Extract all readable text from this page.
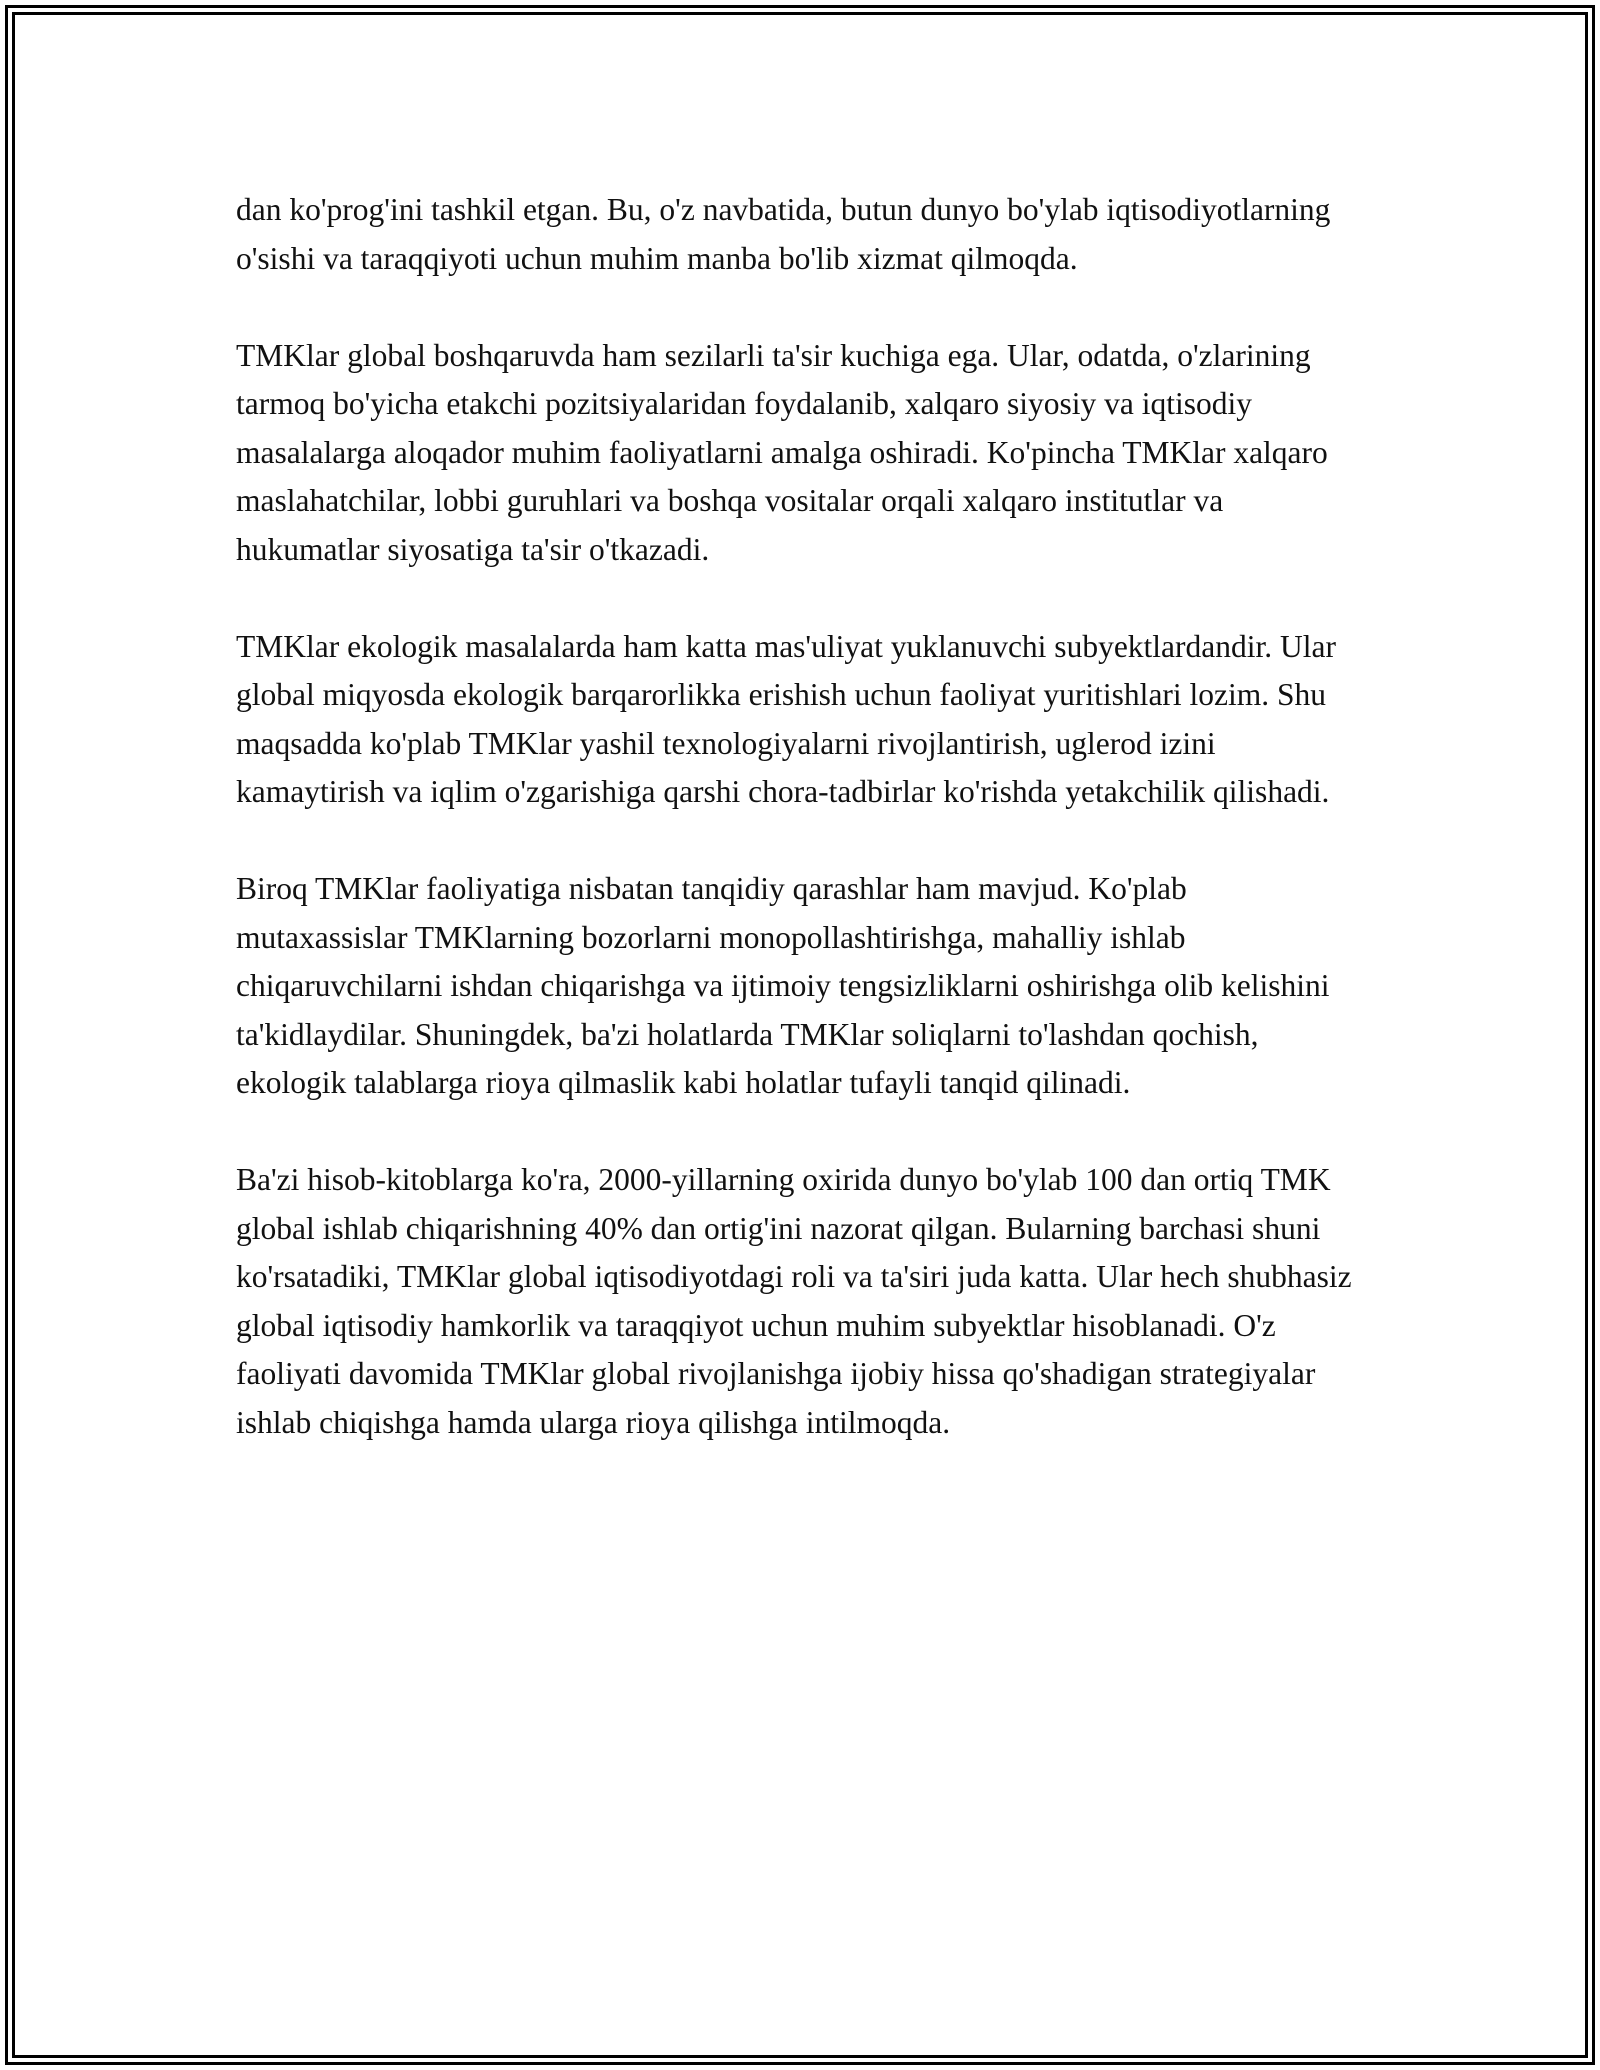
dan ko'prog'ini tashkil etgan. Bu, o'z navbatida, butun dunyo bo'ylab iqtisodiyotlarning o'sishi va taraqqiyoti uchun muhim manba bo'lib xizmat qilmoqda.

TMKlar global boshqaruvda ham sezilarli ta'sir kuchiga ega. Ular, odatda, o'zlarining tarmoq bo'yicha etakchi pozitsiyalaridan foydalanib, xalqaro siyosiy va iqtisodiy masalalarga aloqador muhim faoliyatlarni amalga oshiradi. Ko'pincha TMKlar xalqaro maslahatchilar, lobbi guruhlari va boshqa vositalar orqali xalqaro institutlar va hukumatlar siyosatiga ta'sir o'tkazadi.

TMKlar ekologik masalalarda ham katta mas'uliyat yuklanuvchi subyektlardandir. Ular global miqyosda ekologik barqarorlikka erishish uchun faoliyat yuritishlari lozim. Shu maqsadda ko'plab TMKlar yashil texnologiyalarni rivojlantirish, uglerod izini kamaytirish va iqlim o'zgarishiga qarshi chora-tadbirlar ko'rishda yetakchilik qilishadi.

Biroq TMKlar faoliyatiga nisbatan tanqidiy qarashlar ham mavjud. Ko'plab mutaxassislar TMKlarning bozorlarni monopollashtirishga, mahalliy ishlab chiqaruvchilarni ishdan chiqarishga va ijtimoiy tengsizliklarni oshirishga olib kelishini ta'kidlaydilar. Shuningdek, ba'zi holatlarda TMKlar soliqlarni to'lashdan qochish, ekologik talablarga rioya qilmaslik kabi holatlar tufayli tanqid qilinadi.

Ba'zi hisob-kitoblarga ko'ra, 2000-yillarning oxirida dunyo bo'ylab 100 dan ortiq TMK global ishlab chiqarishning 40% dan ortig'ini nazorat qilgan. Bularning barchasi shuni ko'rsatadiki, TMKlar global iqtisodiyotdagi roli va ta'siri juda katta. Ular hech shubhasiz global iqtisodiy hamkorlik va taraqqiyot uchun muhim subyektlar hisoblanadi. O'z faoliyati davomida TMKlar global rivojlanishga ijobiy hissa qo'shadigan strategiyalar ishlab chiqishga hamda ularga rioya qilishga intilmoqda.
